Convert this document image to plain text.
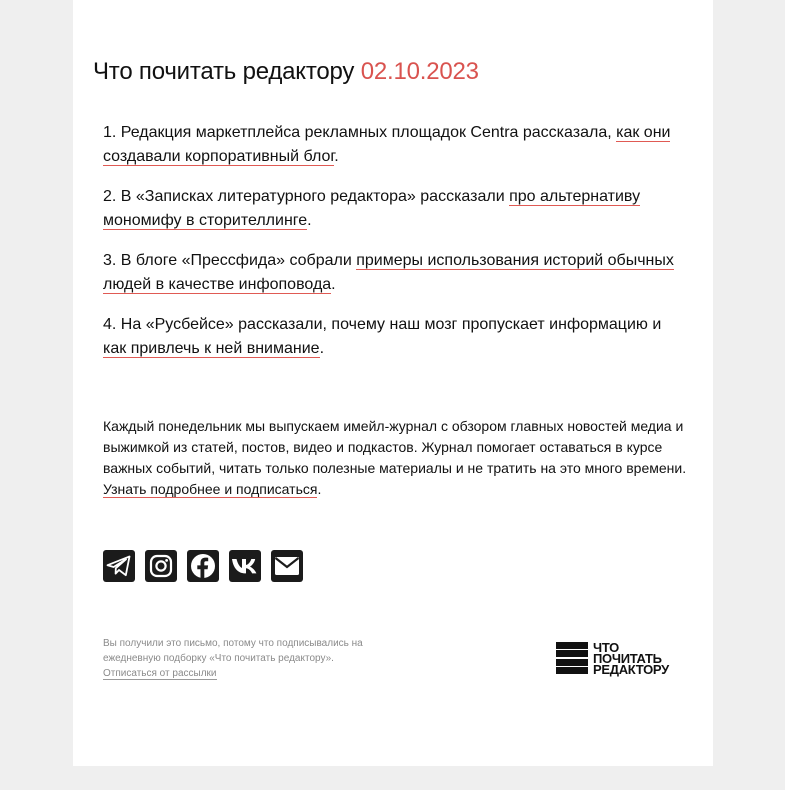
Что почитать редактору 02.10.2023

1. Редакция маркетплейса рекламных площадок Centra рассказала, как они создавали корпоративный блог.

2. В «Записках литературного редактора» рассказали про альтернативу мономифу в сторителлинге.

3. В блоге «Прессфида» собрали примеры использования историй обычных людей в качестве инфоповода.

4. На «Русбейсе» рассказали, почему наш мозг пропускает информацию и как привлечь к ней внимание.

Каждый понедельник мы выпускаем имейл-журнал с обзором главных новостей медиа и выжимкой из статей, постов, видео и подкастов. Журнал помогает оставаться в курсе важных событий, читать только полезные материалы и не тратить на это много времени. Узнать подробнее и подписаться.

Вы получили это письмо, потому что подписывались на ежедневную подборку «Что почитать редактору».
Отписаться от рассылки

ЧТО
ПОЧИТАТЬ
РЕДАКТОРУ
